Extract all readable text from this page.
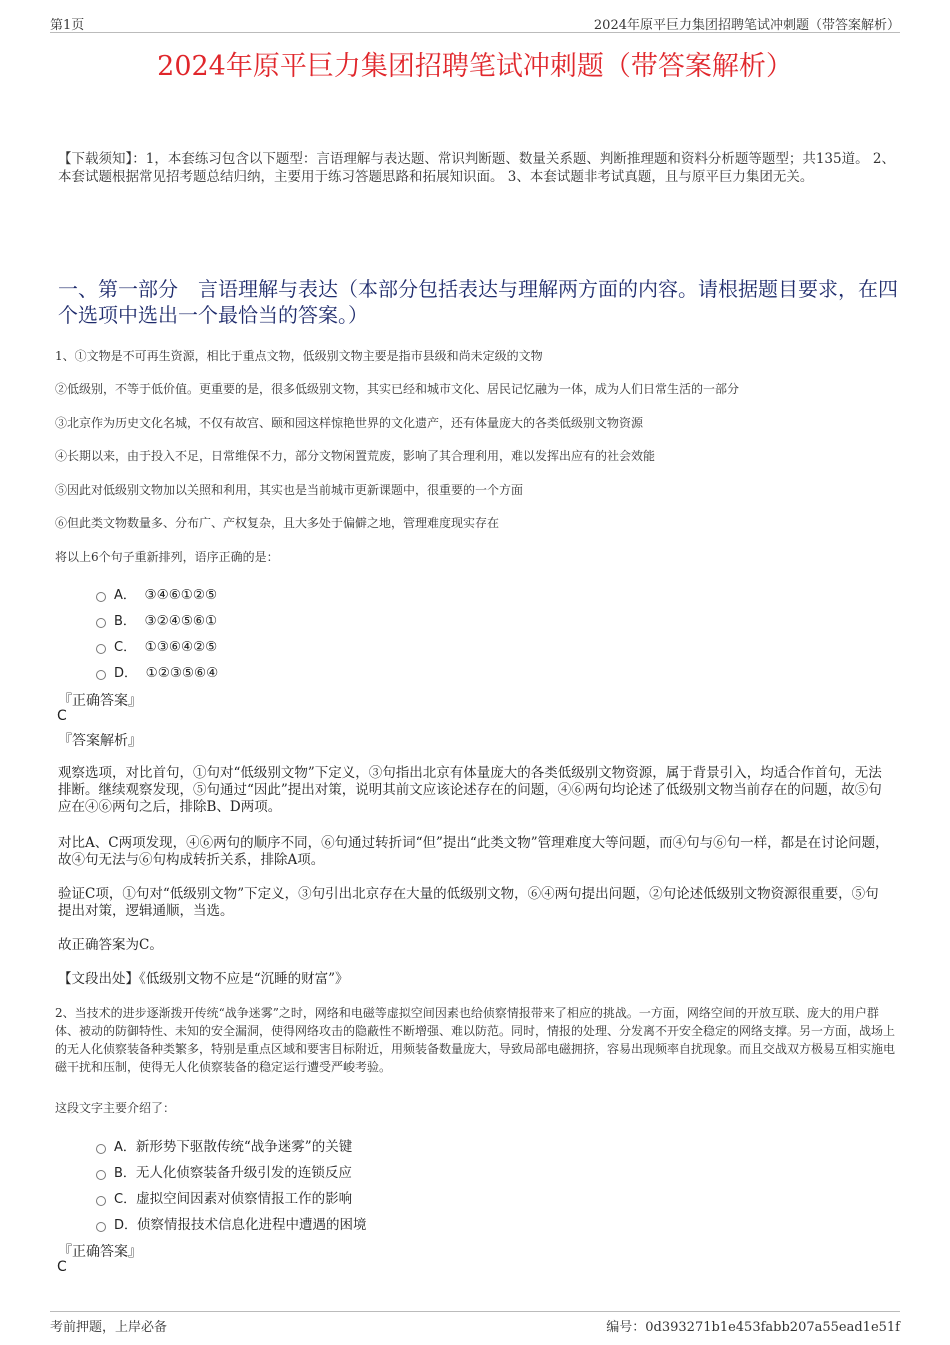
第1页	2024年原平巨力集团招聘笔试冲刺题（带答案解析）
2024年原平巨力集团招聘笔试冲刺题（带答案解析）
【下载须知】：1，本套练习包含以下题型：言语理解与表达题、常识判断题、数量关系题、判断推理题和资料分析题等题型；共135道。 2、本套试题根据常见招考题总结归纳，主要用于练习答题思路和拓展知识面。 3、本套试题非考试真题，且与原平巨力集团无关。
一、第一部分　言语理解与表达（本部分包括表达与理解两方面的内容。请根据题目要求，在四个选项中选出一个最恰当的答案。）
1、①文物是不可再生资源，相比于重点文物，低级别文物主要是指市县级和尚未定级的文物
②低级别，不等于低价值。更重要的是，很多低级别文物，其实已经和城市文化、居民记忆融为一体，成为人们日常生活的一部分
③北京作为历史文化名城，不仅有故宫、颐和园这样惊艳世界的文化遗产，还有体量庞大的各类低级别文物资源
④长期以来，由于投入不足，日常维保不力，部分文物闲置荒废，影响了其合理利用，难以发挥出应有的社会效能
⑤因此对低级别文物加以关照和利用，其实也是当前城市更新课题中，很重要的一个方面
⑥但此类文物数量多、分布广、产权复杂，且大多处于偏僻之地，管理难度现实存在
将以上6个句子重新排列，语序正确的是：
A． ③④⑥①②⑤
B． ③②④⑤⑥①
C． ①③⑥④②⑤
D． ①②③⑤⑥④
『正确答案』
C
『答案解析』
观察选项，对比首句，①句对“低级别文物”下定义，③句指出北京有体量庞大的各类低级别文物资源，属于背景引入，均适合作首句，无法排断。继续观察发现，⑤句通过“因此”提出对策，说明其前文应该论述存在的问题，④⑥两句均论述了低级别文物当前存在的问题，故⑤句应在④⑥两句之后，排除B、D两项。
对比A、C两项发现，④⑥两句的顺序不同，⑥句通过转折词“但”提出“此类文物”管理难度大等问题，而④句与⑥句一样，都是在讨论问题，故④句无法与⑥句构成转折关系，排除A项。
验证C项，①句对“低级别文物”下定义，③句引出北京存在大量的低级别文物，⑥④两句提出问题，②句论述低级别文物资源很重要，⑤句提出对策，逻辑通顺，当选。
故正确答案为C。
【文段出处】《低级别文物不应是“沉睡的财富”》
2、当技术的进步逐渐拨开传统“战争迷雾”之时，网络和电磁等虚拟空间因素也给侦察情报带来了相应的挑战。一方面，网络空间的开放互联、庞大的用户群体、被动的防御特性、未知的安全漏洞，使得网络攻击的隐蔽性不断增强、难以防范。同时，情报的处理、分发离不开安全稳定的网络支撑。另一方面，战场上的无人化侦察装备种类繁多，特别是重点区域和要害目标附近，用频装备数量庞大，导致局部电磁拥挤，容易出现频率自扰现象。而且交战双方极易互相实施电磁干扰和压制，使得无人化侦察装备的稳定运行遭受严峻考验。
这段文字主要介绍了：
A．新形势下驱散传统“战争迷雾”的关键
B．无人化侦察装备升级引发的连锁反应
C．虚拟空间因素对侦察情报工作的影响
D．侦察情报技术信息化进程中遭遇的困境
『正确答案』
C
考前押题，上岸必备	编号：0d393271b1e453fabb207a55ead1e51f
